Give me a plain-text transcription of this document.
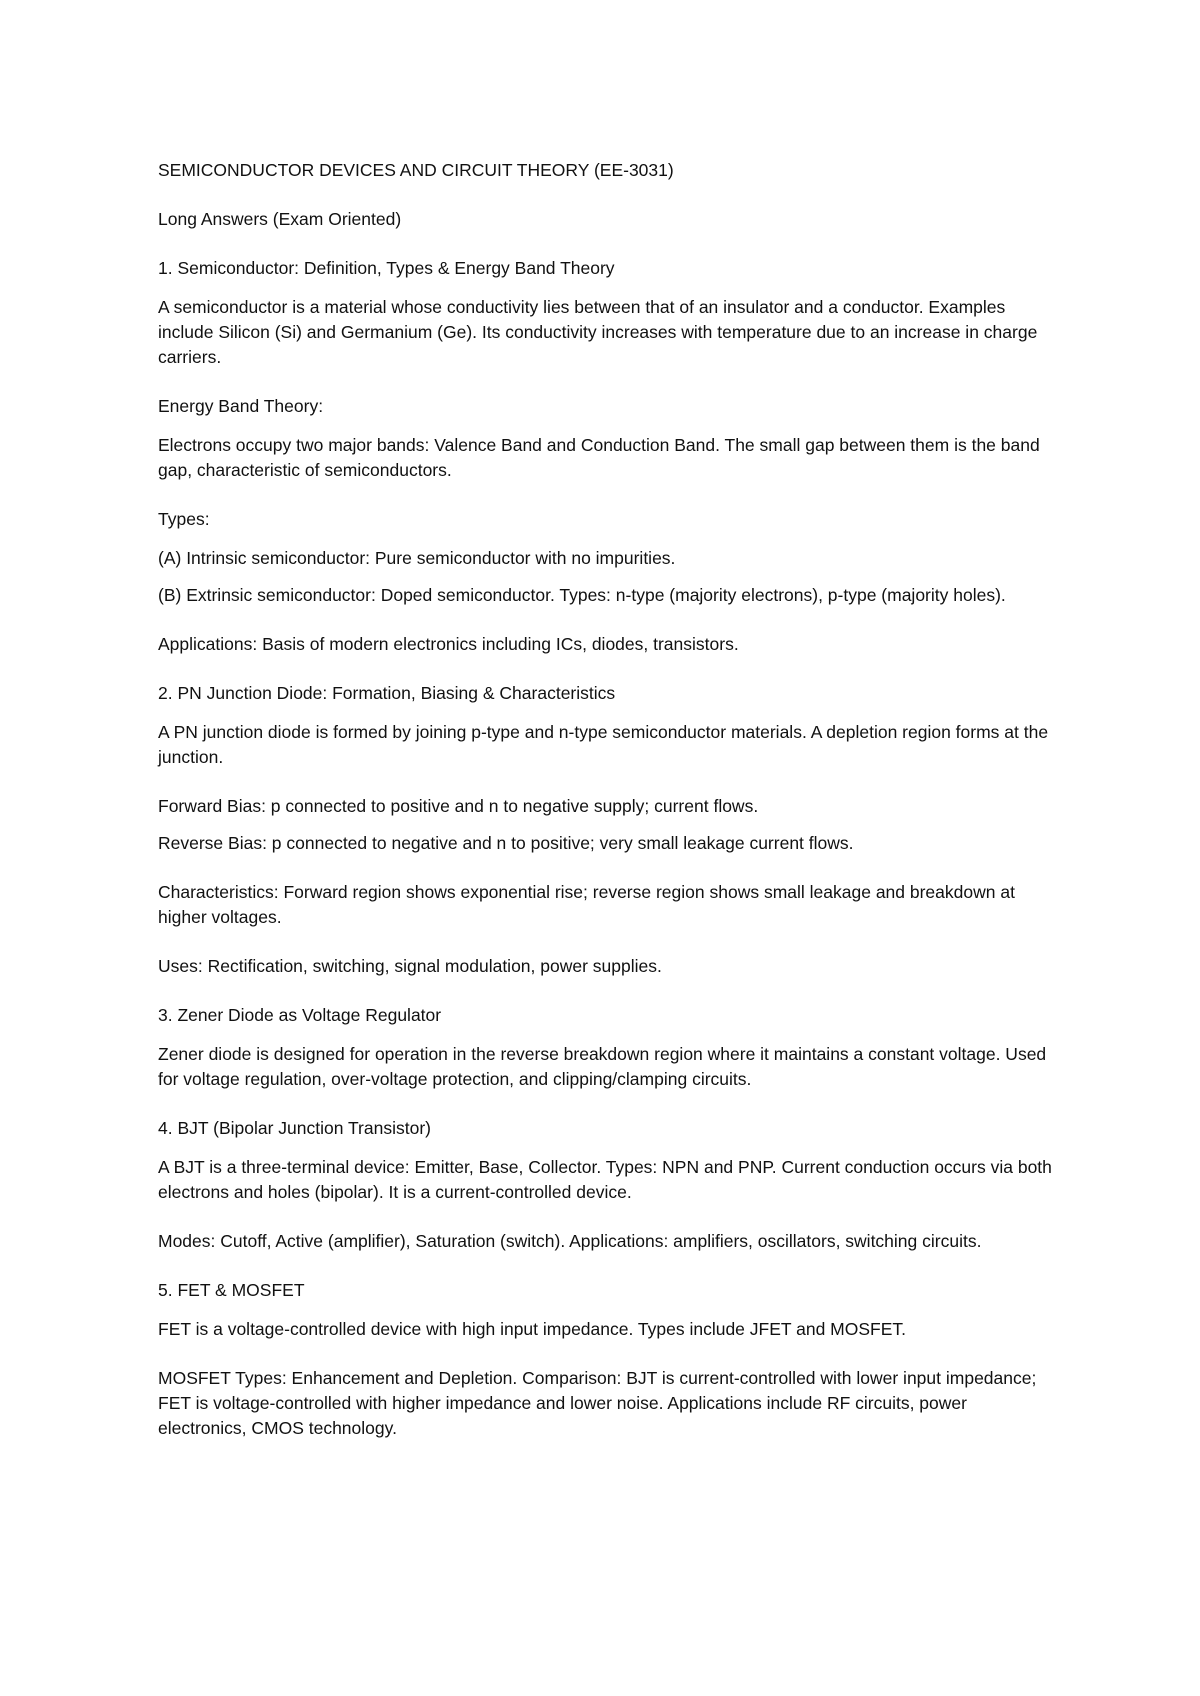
SEMICONDUCTOR DEVICES AND CIRCUIT THEORY (EE-3031)

Long Answers (Exam Oriented)

1. Semiconductor: Definition, Types & Energy Band Theory

A semiconductor is a material whose conductivity lies between that of an insulator and a conductor. Examples include Silicon (Si) and Germanium (Ge). Its conductivity increases with temperature due to an increase in charge carriers.

Energy Band Theory:

Electrons occupy two major bands: Valence Band and Conduction Band. The small gap between them is the band gap, characteristic of semiconductors.

Types:

(A) Intrinsic semiconductor: Pure semiconductor with no impurities.

(B) Extrinsic semiconductor: Doped semiconductor. Types: n-type (majority electrons), p-type (majority holes).

Applications: Basis of modern electronics including ICs, diodes, transistors.

2. PN Junction Diode: Formation, Biasing & Characteristics

A PN junction diode is formed by joining p-type and n-type semiconductor materials. A depletion region forms at the junction.

Forward Bias: p connected to positive and n to negative supply; current flows.

Reverse Bias: p connected to negative and n to positive; very small leakage current flows.

Characteristics: Forward region shows exponential rise; reverse region shows small leakage and breakdown at higher voltages.

Uses: Rectification, switching, signal modulation, power supplies.

3. Zener Diode as Voltage Regulator

Zener diode is designed for operation in the reverse breakdown region where it maintains a constant voltage. Used for voltage regulation, over-voltage protection, and clipping/clamping circuits.

4. BJT (Bipolar Junction Transistor)

A BJT is a three-terminal device: Emitter, Base, Collector. Types: NPN and PNP. Current conduction occurs via both electrons and holes (bipolar). It is a current-controlled device.

Modes: Cutoff, Active (amplifier), Saturation (switch). Applications: amplifiers, oscillators, switching circuits.

5. FET & MOSFET

FET is a voltage-controlled device with high input impedance. Types include JFET and MOSFET.

MOSFET Types: Enhancement and Depletion. Comparison: BJT is current-controlled with lower input impedance; FET is voltage-controlled with higher impedance and lower noise. Applications include RF circuits, power electronics, CMOS technology.
